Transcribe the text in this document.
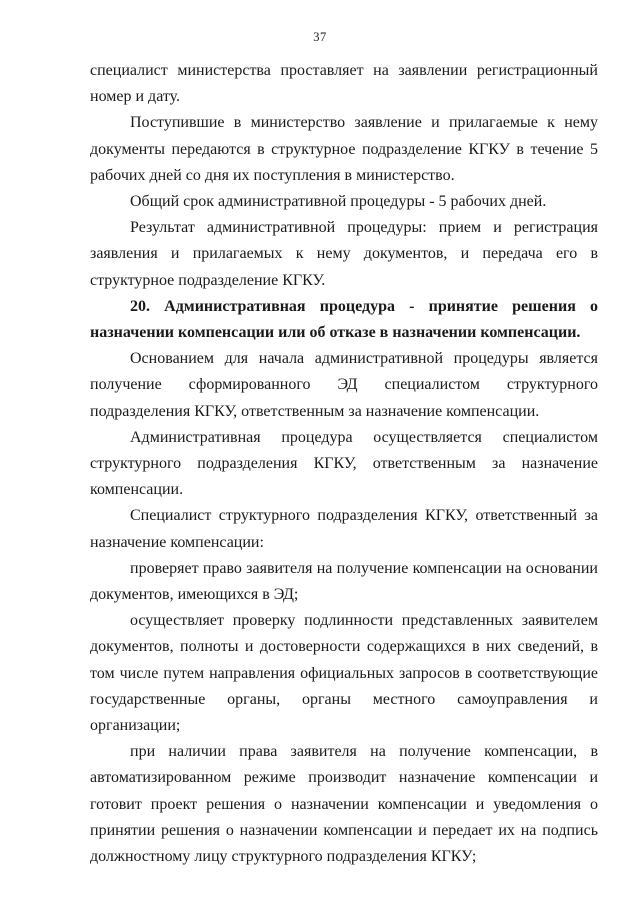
37

специалист министерства проставляет на заявлении регистрационный номер и дату.

Поступившие в министерство заявление и прилагаемые к нему документы передаются в структурное подразделение КГКУ в течение 5 рабочих дней со дня их поступления в министерство.

Общий срок административной процедуры - 5 рабочих дней.

Результат административной процедуры: прием и регистрация заявления и прилагаемых к нему документов, и передача его в структурное подразделение КГКУ.

20. Административная процедура - принятие решения о назначении компенсации или об отказе в назначении компенсации.

Основанием для начала административной процедуры является получение сформированного ЭД специалистом структурного подразделения КГКУ, ответственным за назначение компенсации.

Административная процедура осуществляется специалистом структурного подразделения КГКУ, ответственным за назначение компенсации.

Специалист структурного подразделения КГКУ, ответственный за назначение компенсации:

проверяет право заявителя на получение компенсации на основании документов, имеющихся в ЭД;

осуществляет проверку подлинности представленных заявителем документов, полноты и достоверности содержащихся в них сведений, в том числе путем направления официальных запросов в соответствующие государственные органы, органы местного самоуправления и организации;

при наличии права заявителя на получение компенсации, в автоматизированном режиме производит назначение компенсации и готовит проект решения о назначении компенсации и уведомления о принятии решения о назначении компенсации и передает их на подпись должностному лицу структурного подразделения КГКУ;
